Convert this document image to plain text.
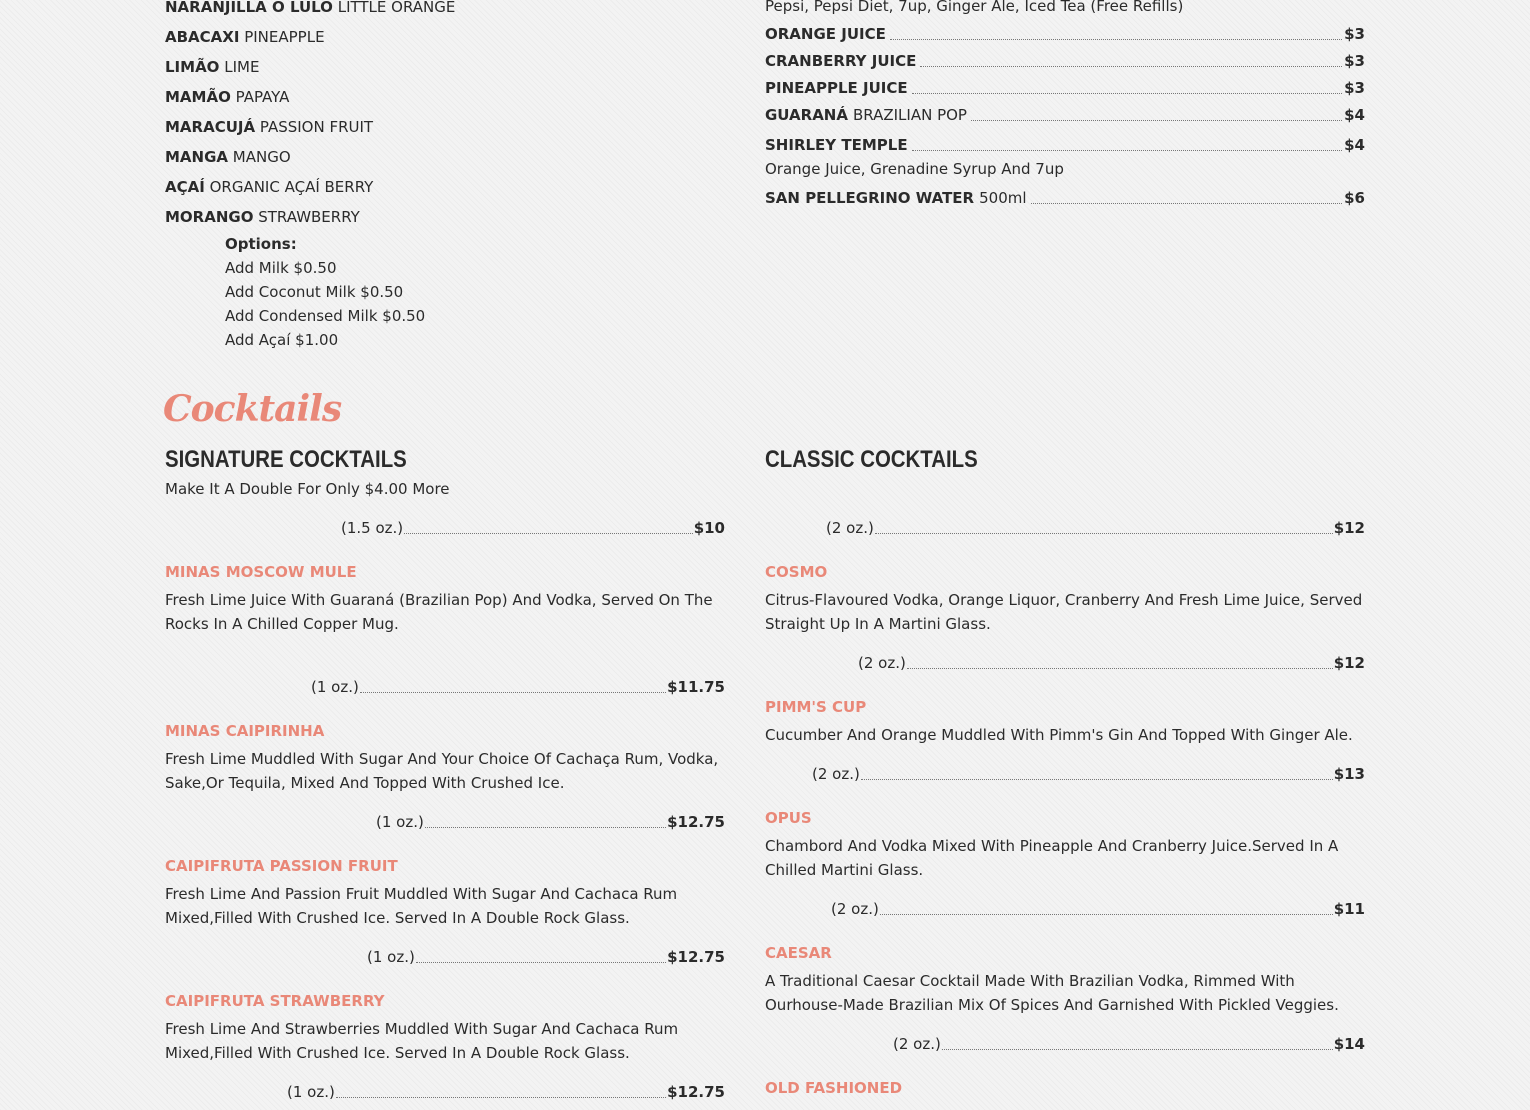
NARANJILLA O LULO LITTLE ORANGE
ABACAXI PINEAPPLE
LIMÃO LIME
MAMÃO PAPAYA
MARACUJÁ PASSION FRUIT
MANGA MANGO
AÇAÍ ORGANIC AÇAÍ BERRY
MORANGO STRAWBERRY
Options:
Add Milk $0.50
Add Coconut Milk $0.50
Add Condensed Milk $0.50
Add Açaí $1.00
Pepsi, Pepsi Diet, 7up, Ginger Ale, Iced Tea (Free Refills)
ORANGE JUICE	$3
CRANBERRY JUICE	$3
PINEAPPLE JUICE	$3
GUARANÁ BRAZILIAN POP	$4
SHIRLEY TEMPLE	$4
Orange Juice, Grenadine Syrup And 7up
SAN PELLEGRINO WATER 500ml	$6
Cocktails
SIGNATURE COCKTAILS
Make It A Double For Only $4.00 More
CLASSIC COCKTAILS
(1.5 oz.)	$10
MINAS MOSCOW MULE
Fresh Lime Juice With Guaraná (Brazilian Pop) And Vodka, Served On The Rocks In A Chilled Copper Mug.
(1 oz.)	$11.75
MINAS CAIPIRINHA
Fresh Lime Muddled With Sugar And Your Choice Of Cachaça Rum, Vodka, Sake,Or Tequila, Mixed And Topped With Crushed Ice.
(1 oz.)	$12.75
CAIPIFRUTA PASSION FRUIT
Fresh Lime And Passion Fruit Muddled With Sugar And Cachaca Rum Mixed,Filled With Crushed Ice. Served In A Double Rock Glass.
(1 oz.)	$12.75
CAIPIFRUTA STRAWBERRY
Fresh Lime And Strawberries Muddled With Sugar And Cachaca Rum Mixed,Filled With Crushed Ice. Served In A Double Rock Glass.
(1 oz.)	$12.75
(2 oz.)	$12
COSMO
Citrus-Flavoured Vodka, Orange Liquor, Cranberry And Fresh Lime Juice, Served Straight Up In A Martini Glass.
(2 oz.)	$12
PIMM'S CUP
Cucumber And Orange Muddled With Pimm's Gin And Topped With Ginger Ale.
(2 oz.)	$13
OPUS
Chambord And Vodka Mixed With Pineapple And Cranberry Juice.Served In A Chilled Martini Glass.
(2 oz.)	$11
CAESAR
A Traditional Caesar Cocktail Made With Brazilian Vodka, Rimmed With Ourhouse-Made Brazilian Mix Of Spices And Garnished With Pickled Veggies.
(2 oz.)	$14
OLD FASHIONED
